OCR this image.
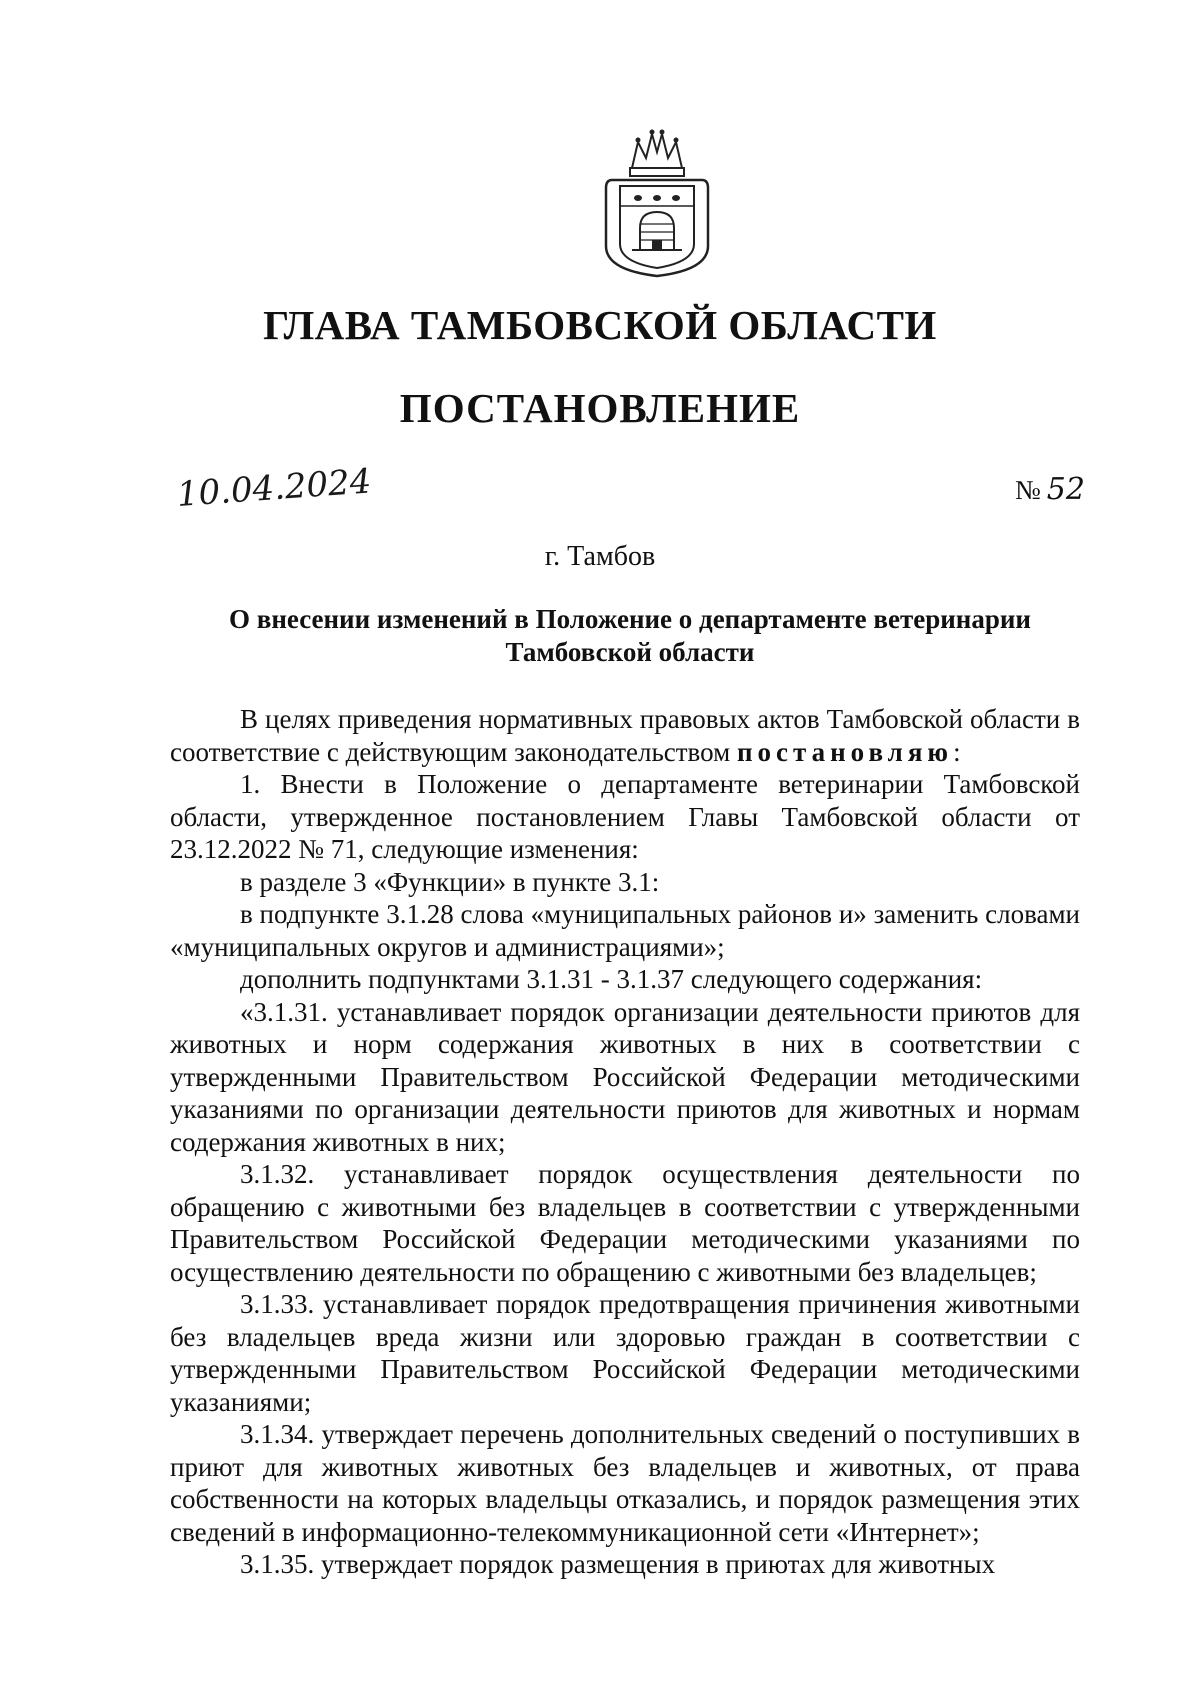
ГЛАВА ТАМБОВСКОЙ ОБЛАСТИ
ПОСТАНОВЛЕНИЕ
10.04.2024	№ 52
г. Тамбов
О внесении изменений в Положение о департаменте ветеринарии Тамбовской области

В целях приведения нормативных правовых актов Тамбовской области в соответствие с действующим законодательством постановляю:

1. Внести в Положение о департаменте ветеринарии Тамбовской области, утвержденное постановлением Главы Тамбовской области от 23.12.2022 № 71, следующие изменения:

в разделе 3 «Функции» в пункте 3.1:

в подпункте 3.1.28 слова «муниципальных районов и» заменить словами «муниципальных округов и администрациями»;

дополнить подпунктами 3.1.31 - 3.1.37 следующего содержания:

«3.1.31. устанавливает порядок организации деятельности приютов для животных и норм содержания животных в них в соответствии с утвержденными Правительством Российской Федерации методическими указаниями по организации деятельности приютов для животных и нормам содержания животных в них;

3.1.32. устанавливает порядок осуществления деятельности по обращению с животными без владельцев в соответствии с утвержденными Правительством Российской Федерации методическими указаниями по осуществлению деятельности по обращению с животными без владельцев;

3.1.33. устанавливает порядок предотвращения причинения животными без владельцев вреда жизни или здоровью граждан в соответствии с утвержденными Правительством Российской Федерации методическими указаниями;

3.1.34. утверждает перечень дополнительных сведений о поступивших в приют для животных животных без владельцев и животных, от права собственности на которых владельцы отказались, и порядок размещения этих сведений в информационно-телекоммуникационной сети «Интернет»;

3.1.35. утверждает порядок размещения в приютах для животных
